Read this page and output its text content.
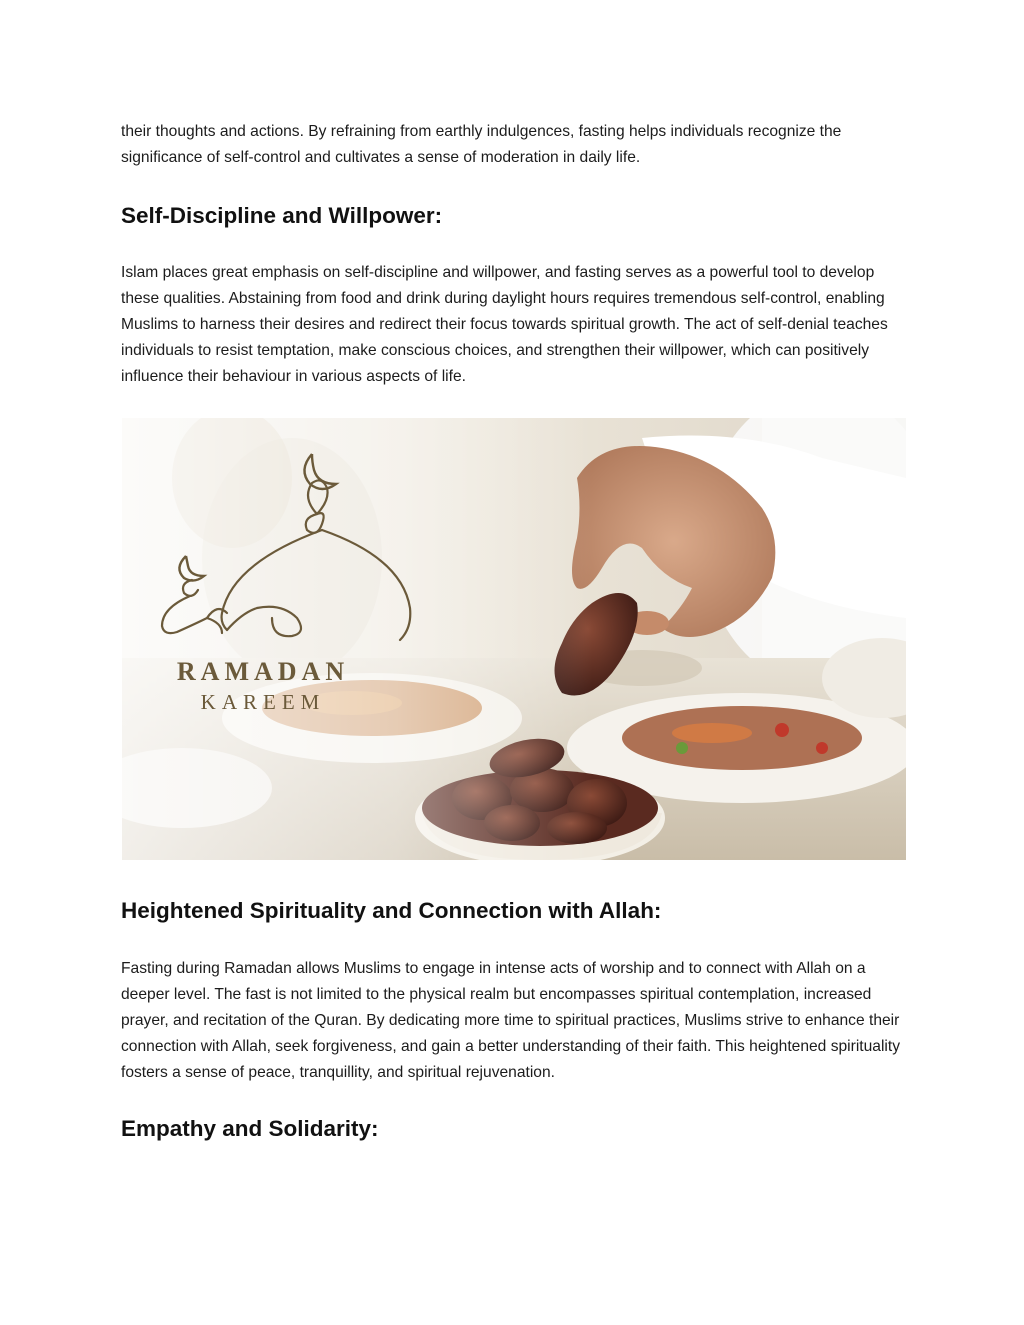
their thoughts and actions. By refraining from earthly indulgences, fasting helps individuals recognize the significance of self-control and cultivates a sense of moderation in daily life.

Self-Discipline and Willpower:

Islam places great emphasis on self-discipline and willpower, and fasting serves as a powerful tool to develop these qualities. Abstaining from food and drink during daylight hours requires tremendous self-control, enabling Muslims to harness their desires and redirect their focus towards spiritual growth. The act of self-denial teaches individuals to resist temptation, make conscious choices, and strengthen their willpower, which can positively influence their behaviour in various aspects of life.

RAMADAN
KAREEM
Heightened Spirituality and Connection with Allah:

Fasting during Ramadan allows Muslims to engage in intense acts of worship and to connect with Allah on a deeper level. The fast is not limited to the physical realm but encompasses spiritual contemplation, increased prayer, and recitation of the Quran. By dedicating more time to spiritual practices, Muslims strive to enhance their connection with Allah, seek forgiveness, and gain a better understanding of their faith. This heightened spirituality fosters a sense of peace, tranquillity, and spiritual rejuvenation.

Empathy and Solidarity:
